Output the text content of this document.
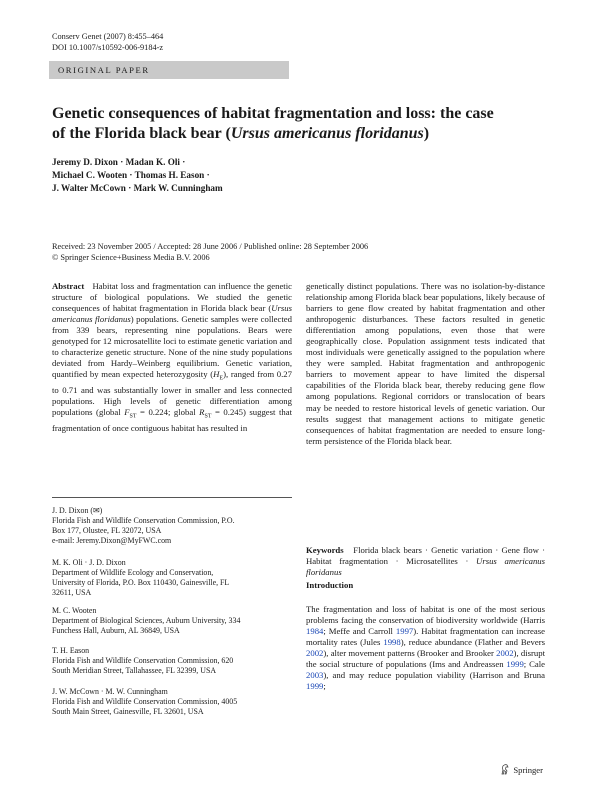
Conserv Genet (2007) 8:455–464
DOI 10.1007/s10592-006-9184-z
ORIGINAL PAPER
Genetic consequences of habitat fragmentation and loss: the case
of the Florida black bear (Ursus americanus floridanus)
Jeremy D. Dixon · Madan K. Oli ·
Michael C. Wooten · Thomas H. Eason ·
J. Walter McCown · Mark W. Cunningham
Received: 23 November 2005 / Accepted: 28 June 2006 / Published online: 28 September 2006
© Springer Science+Business Media B.V. 2006
Abstract Habitat loss and fragmentation can influence the genetic structure of biological populations. We studied the genetic consequences of habitat fragmentation in Florida black bear (Ursus americanus floridanus) populations. Genetic samples were collected from 339 bears, representing nine populations. Bears were genotyped for 12 microsatellite loci to estimate genetic variation and to characterize genetic structure. None of the nine study populations deviated from Hardy–Weinberg equilibrium. Genetic variation, quantified by mean expected heterozygosity $(H_E)$, ranged from 0.27 to 0.71 and was substantially lower in smaller and less connected populations. High levels of genetic differentiation among populations (global $F_{ST} = 0.224$; global $R_{ST} = 0.245$) suggest that fragmentation of once contiguous habitat has resulted in
genetically distinct populations. There was no isolation-by-distance relationship among Florida black bear populations, likely because of barriers to gene flow created by habitat fragmentation and other anthropogenic disturbances. These factors resulted in genetic differentiation among populations, even those that were geographically close. Population assignment tests indicated that most individuals were genetically assigned to the population where they were sampled. Habitat fragmentation and anthropogenic barriers to movement appear to have limited the dispersal capabilities of the Florida black bear, thereby reducing gene flow among populations. Regional corridors or translocation of bears may be needed to restore historical levels of genetic variation. Our results suggest that management actions to mitigate genetic consequences of habitat fragmentation are needed to ensure long-term persistence of the Florida black bear.
Keywords Florida black bears · Genetic variation · Gene flow · Habitat fragmentation · Microsatellites · Ursus americanus floridanus
J. D. Dixon (✉)
Florida Fish and Wildlife Conservation Commission, P.O.
Box 177, Olustee, FL 32072, USA
e-mail: Jeremy.Dixon@MyFWC.com
M. K. Oli · J. D. Dixon
Department of Wildlife Ecology and Conservation,
University of Florida, P.O. Box 110430, Gainesville, FL
32611, USA
M. C. Wooten
Department of Biological Sciences, Auburn University, 334
Funchess Hall, Auburn, AL 36849, USA
T. H. Eason
Florida Fish and Wildlife Conservation Commission, 620
South Meridian Street, Tallahassee, FL 32399, USA
J. W. McCown · M. W. Cunningham
Florida Fish and Wildlife Conservation Commission, 4005
South Main Street, Gainesville, FL 32601, USA
Introduction
The fragmentation and loss of habitat is one of the most serious problems facing the conservation of biodiversity worldwide (Harris 1984; Meffe and Carroll 1997). Habitat fragmentation can increase mortality rates (Jules 1998), reduce abundance (Flather and Bevers 2002), alter movement patterns (Brooker and Brooker 2002), disrupt the social structure of populations (Ims and Andreassen 1999; Cale 2003), and may reduce population viability (Harrison and Bruna 1999;
Springer
